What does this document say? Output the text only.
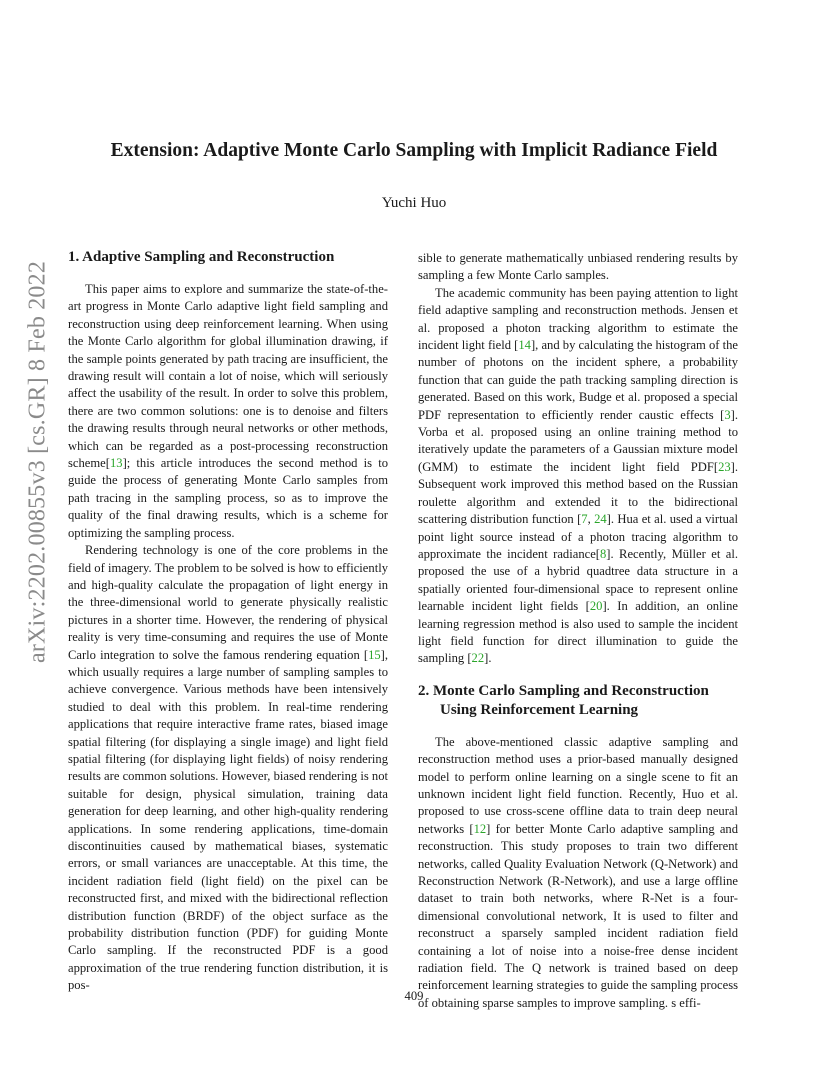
Extension: Adaptive Monte Carlo Sampling with Implicit Radiance Field
Yuchi Huo
arXiv:2202.00855v3 [cs.GR] 8 Feb 2022
1. Adaptive Sampling and Reconstruction

This paper aims to explore and summarize the state-of-the-art progress in Monte Carlo adaptive light field sampling and reconstruction using deep reinforcement learning. When using the Monte Carlo algorithm for global illumination drawing, if the sample points generated by path tracing are insufficient, the drawing result will contain a lot of noise, which will seriously affect the usability of the result. In order to solve this problem, there are two common solutions: one is to denoise and filters the drawing results through neural networks or other methods, which can be regarded as a post-processing reconstruction scheme[13]; this article introduces the second method is to guide the process of generating Monte Carlo samples from path tracing in the sampling process, so as to improve the quality of the final drawing results, which is a scheme for optimizing the sampling process.

Rendering technology is one of the core problems in the field of imagery. The problem to be solved is how to efficiently and high-quality calculate the propagation of light energy in the three-dimensional world to generate physically realistic pictures in a shorter time. However, the rendering of physical reality is very time-consuming and requires the use of Monte Carlo integration to solve the famous rendering equation [15], which usually requires a large number of sampling samples to achieve convergence. Various methods have been intensively studied to deal with this problem. In real-time rendering applications that require interactive frame rates, biased image spatial filtering (for displaying a single image) and light field spatial filtering (for displaying light fields) of noisy rendering results are common solutions. However, biased rendering is not suitable for design, physical simulation, training data generation for deep learning, and other high-quality rendering applications. In some rendering applications, time-domain discontinuities caused by mathematical biases, systematic errors, or small variances are unacceptable. At this time, the incident radiation field (light field) on the pixel can be reconstructed first, and mixed with the bidirectional reflection distribution function (BRDF) of the object surface as the probability distribution function (PDF) for guiding Monte Carlo sampling. If the reconstructed PDF is a good approximation of the true rendering function distribution, it is pos-

sible to generate mathematically unbiased rendering results by sampling a few Monte Carlo samples.

The academic community has been paying attention to light field adaptive sampling and reconstruction methods. Jensen et al. proposed a photon tracking algorithm to estimate the incident light field [14], and by calculating the histogram of the number of photons on the incident sphere, a probability function that can guide the path tracking sampling direction is generated. Based on this work, Budge et al. proposed a special PDF representation to efficiently render caustic effects [3]. Vorba et al. proposed using an online training method to iteratively update the parameters of a Gaussian mixture model (GMM) to estimate the incident light field PDF[23]. Subsequent work improved this method based on the Russian roulette algorithm and extended it to the bidirectional scattering distribution function [7, 24]. Hua et al. used a virtual point light source instead of a photon tracing algorithm to approximate the incident radiance[8]. Recently, Müller et al. proposed the use of a hybrid quadtree data structure in a spatially oriented four-dimensional space to represent online learnable incident light fields [20]. In addition, an online learning regression method is also used to sample the incident light field function for direct illumination to guide the sampling [22].

2. Monte Carlo Sampling and Reconstruction Using Reinforcement Learning

The above-mentioned classic adaptive sampling and reconstruction method uses a prior-based manually designed model to perform online learning on a single scene to fit an unknown incident light field function. Recently, Huo et al. proposed to use cross-scene offline data to train deep neural networks [12] for better Monte Carlo adaptive sampling and reconstruction. This study proposes to train two different networks, called Quality Evaluation Network (Q-Network) and Reconstruction Network (R-Network), and use a large offline dataset to train both networks, where R-Net is a four-dimensional convolutional network, It is used to filter and reconstruct a sparsely sampled incident radiation field containing a lot of noise into a noise-free dense incident radiation field. The Q network is trained based on deep reinforcement learning strategies to guide the sampling process of obtaining sparse samples to improve sampling. s effi-

409
